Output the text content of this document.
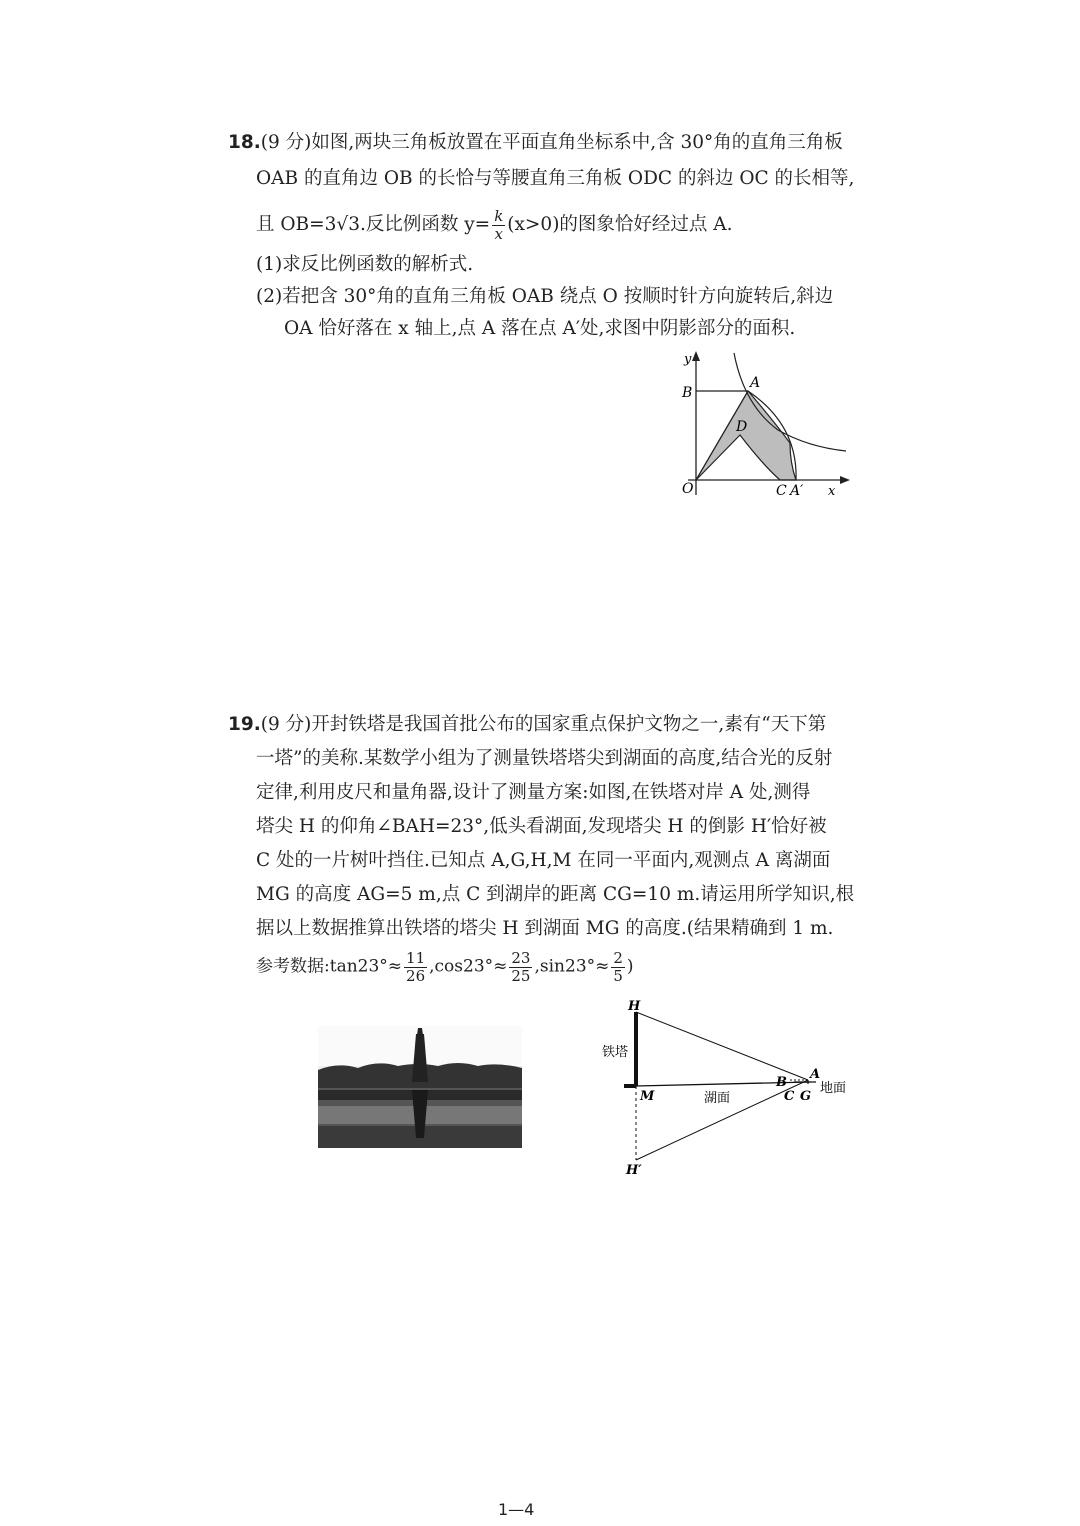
18.(9 分)如图,两块三角板放置在平面直角坐标系中,含 30°角的直角三角板
OAB 的直角边 OB 的长恰与等腰直角三角板 ODC 的斜边 OC 的长相等,
且 OB=3√3.反比例函数 $y= \frac{k}{x} (x>0)$的图象恰好经过点 A.
(1)求反比例函数的解析式.
(2)若把含 30°角的直角三角板 OAB 绕点 O 按顺时针方向旋转后,斜边
OA 恰好落在 x 轴上,点 A 落在点 A′处,求图中阴影部分的面积.
y
B
A
D
O	C A′ x
19.(9 分)开封铁塔是我国首批公布的国家重点保护文物之一,素有“天下第
一塔”的美称.某数学小组为了测量铁塔塔尖到湖面的高度,结合光的反射
定律,利用皮尺和量角器,设计了测量方案:如图,在铁塔对岸 A 处,测得
塔尖 H 的仰角∠BAH=23°,低头看湖面,发现塔尖 H 的倒影 H′恰好被
C 处的一片树叶挡住.已知点 A,G,H,M 在同一平面内,观测点 A 离湖面
MG 的高度 AG=5 m,点 C 到湖岸的距离 CG=10 m.请运用所学知识,根
据以上数据推算出铁塔的塔尖 H 到湖面 MG 的高度.(结果精确到 1 m.
参考数据:tan23°≈ $\frac{11}{26} ,\cos 23^\circ\approx \frac{23}{25} ,\sin 23^\circ\approx \frac{2}{5}$ )
H
铁塔
M	湖面
B
A
C G
地面
H′
1—4
